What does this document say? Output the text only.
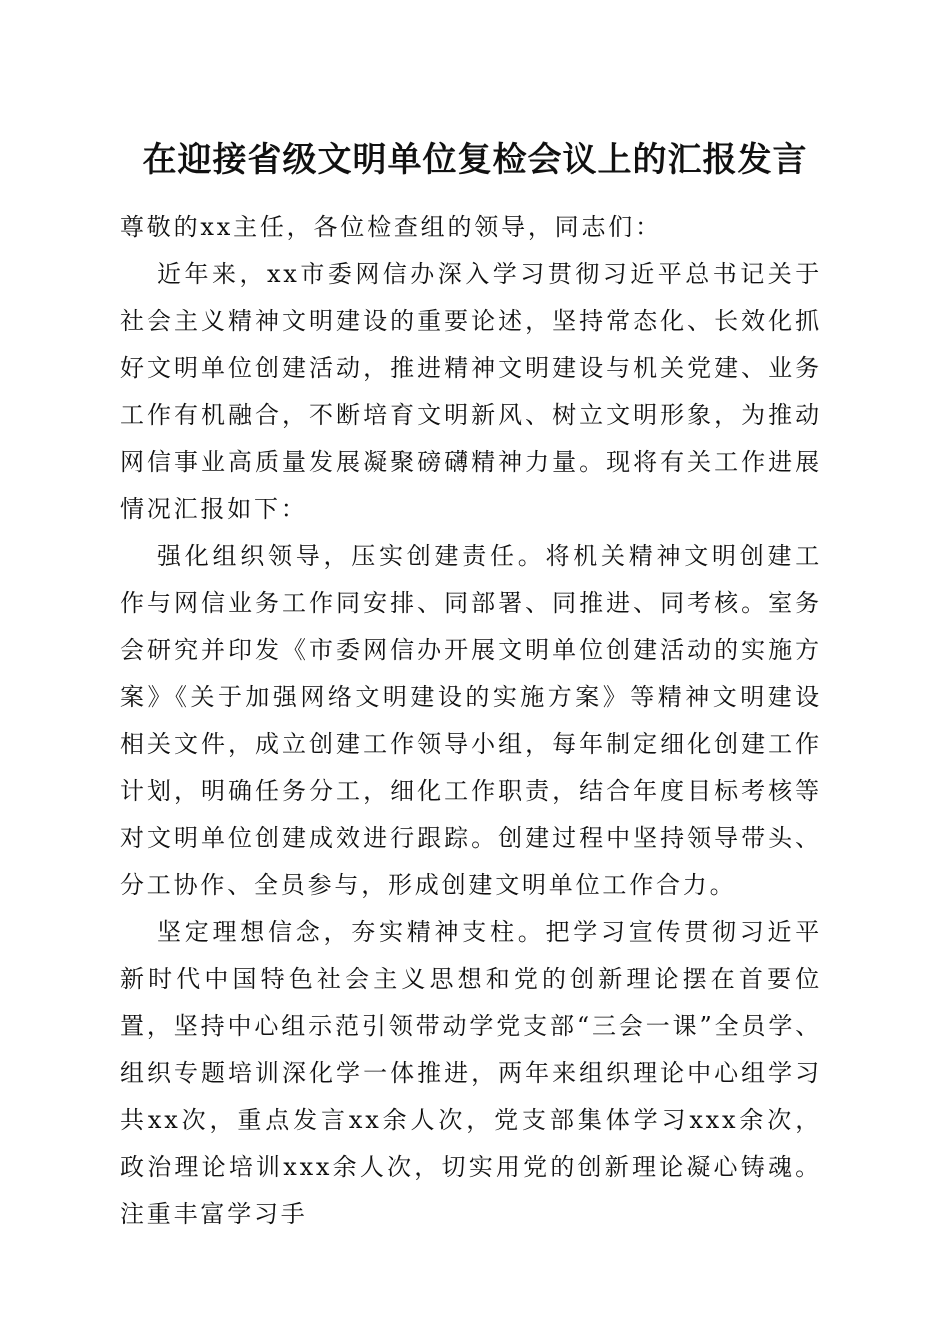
在迎接省级文明单位复检会议上的汇报发言

尊敬的xx主任，各位检查组的领导，同志们：

近年来，xx市委网信办深入学习贯彻习近平总书记关于社会主义精神文明建设的重要论述，坚持常态化、长效化抓好文明单位创建活动，推进精神文明建设与机关党建、业务工作有机融合，不断培育文明新风、树立文明形象，为推动网信事业高质量发展凝聚磅礴精神力量。现将有关工作进展情况汇报如下：

强化组织领导，压实创建责任。将机关精神文明创建工作与网信业务工作同安排、同部署、同推进、同考核。室务会研究并印发《市委网信办开展文明单位创建活动的实施方案》《关于加强网络文明建设的实施方案》等精神文明建设相关文件，成立创建工作领导小组，每年制定细化创建工作计划，明确任务分工，细化工作职责，结合年度目标考核等对文明单位创建成效进行跟踪。创建过程中坚持领导带头、分工协作、全员参与，形成创建文明单位工作合力。

坚定理想信念，夯实精神支柱。把学习宣传贯彻习近平新时代中国特色社会主义思想和党的创新理论摆在首要位置，坚持中心组示范引领带动学党支部“三会一课”全员学、组织专题培训深化学一体推进，两年来组织理论中心组学习共xx次，重点发言xx余人次，党支部集体学习xxx余次，政治理论培训xxx余人次，切实用党的创新理论凝心铸魂。注重丰富学习手
